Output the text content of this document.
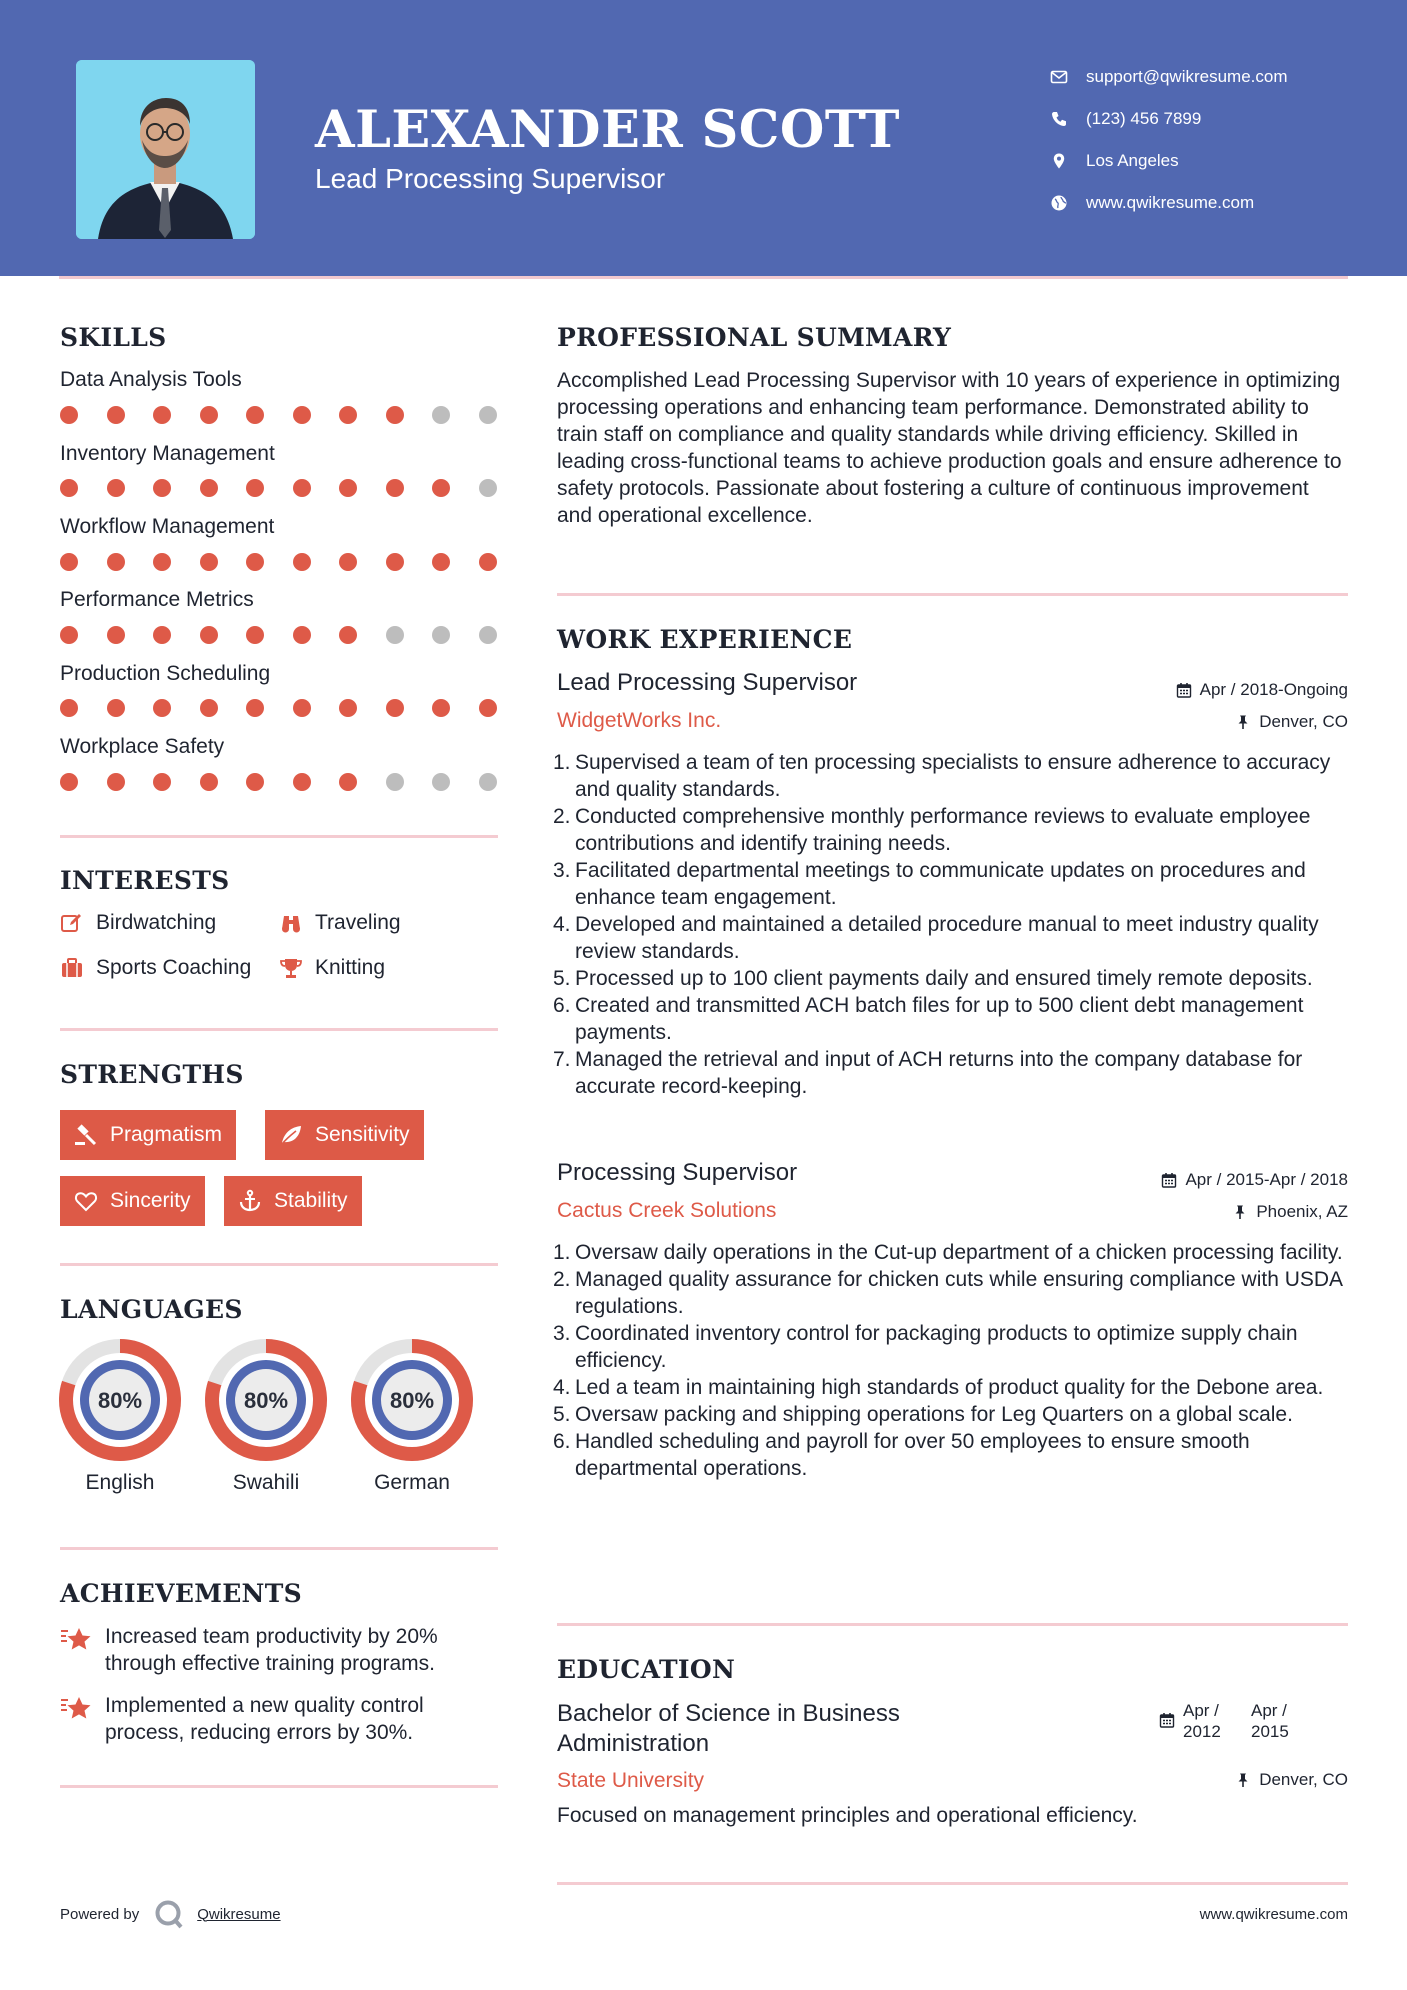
ALEXANDER SCOTT
Lead Processing Supervisor
support@qwikresume.com
(123) 456 7899
Los Angeles
www.qwikresume.com
SKILLS
Data Analysis Tools
Inventory Management
Workflow Management
Performance Metrics
Production Scheduling
Workplace Safety
INTERESTS
Birdwatching	Traveling
Sports Coaching	Knitting
STRENGTHS
Pragmatism	Sensitivity
Sincerity	Stability
LANGUAGES
80%
English
80%
Swahili
80%
German
ACHIEVEMENTS
Increased team productivity by 20% through effective training programs.
Implemented a new quality control process, reducing errors by 30%.
PROFESSIONAL SUMMARY
Accomplished Lead Processing Supervisor with 10 years of experience in optimizing processing operations and enhancing team performance. Demonstrated ability to train staff on compliance and quality standards while driving efficiency. Skilled in leading cross-functional teams to achieve production goals and ensure adherence to safety protocols. Passionate about fostering a culture of continuous improvement and operational excellence.
WORK EXPERIENCE
Lead Processing Supervisor	Apr / 2018-Ongoing
WidgetWorks Inc.	Denver, CO
1. Supervised a team of ten processing specialists to ensure adherence to accuracy and quality standards.
2. Conducted comprehensive monthly performance reviews to evaluate employee contributions and identify training needs.
3. Facilitated departmental meetings to communicate updates on procedures and enhance team engagement.
4. Developed and maintained a detailed procedure manual to meet industry quality review standards.
5. Processed up to 100 client payments daily and ensured timely remote deposits.
6. Created and transmitted ACH batch files for up to 500 client debt management payments.
7. Managed the retrieval and input of ACH returns into the company database for accurate record-keeping.
Processing Supervisor	Apr / 2015-Apr / 2018
Cactus Creek Solutions	Phoenix, AZ
1. Oversaw daily operations in the Cut-up department of a chicken processing facility.
2. Managed quality assurance for chicken cuts while ensuring compliance with USDA regulations.
3. Coordinated inventory control for packaging products to optimize supply chain efficiency.
4. Led a team in maintaining high standards of product quality for the Debone area.
5. Oversaw packing and shipping operations for Leg Quarters on a global scale.
6. Handled scheduling and payroll for over 50 employees to ensure smooth departmental operations.
EDUCATION
Bachelor of Science in Business Administration
Apr / 2012
Apr / 2015
State University	Denver, CO
Focused on management principles and operational efficiency.
Powered by	Qwikresume	www.qwikresume.com
